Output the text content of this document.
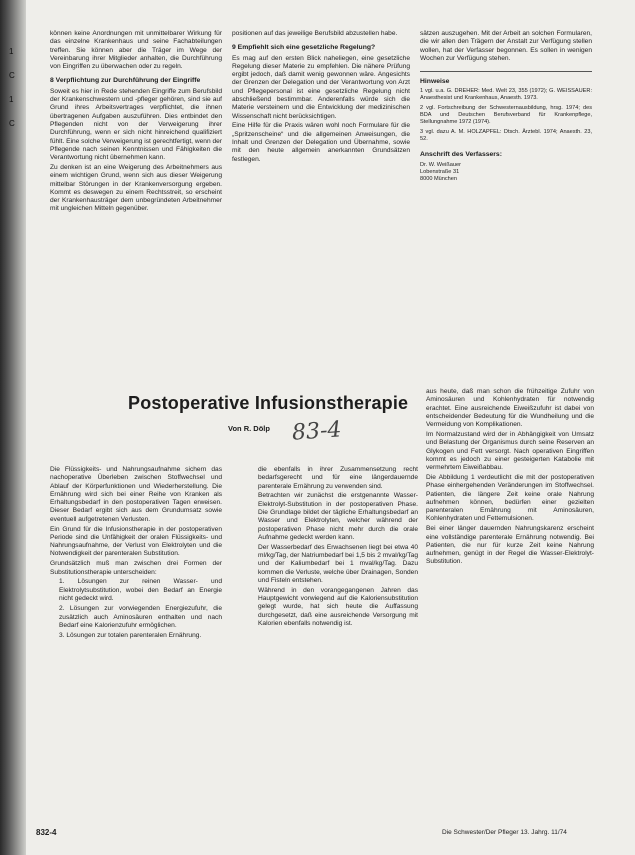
1
C
1
C

können keine Anordnungen mit unmittelbarer Wirkung für das einzelne Krankenhaus und seine Fachabteilungen treffen. Sie können aber die Träger im Wege der Vereinbarung ihrer Mitglieder anhalten, die Durchführung von Eingriffen zu überwachen oder zu regeln.

8 Verpflichtung zur Durchführung der Eingriffe

Soweit es hier in Rede stehenden Eingriffe zum Berufsbild der Krankenschwestern und -pfleger gehören, sind sie auf Grund ihres Arbeitsvertrages verpflichtet, die ihnen übertragenen Aufgaben auszuführen. Dies entbindet den Pflegenden nicht von der Verweigerung ihrer Durchführung, wenn er sich nicht hinreichend qualifiziert fühlt. Eine solche Verweigerung ist gerechtfertigt, wenn der Pflegende nach seinen Kenntnissen und Fähigkeiten die Verantwortung nicht übernehmen kann.

Zu denken ist an eine Weigerung des Arbeitnehmers aus einem wichtigen Grund, wenn sich aus dieser Weigerung mittelbar Störungen in der Krankenversorgung ergeben. Kommt es deswegen zu einem Rechtsstreit, so erscheint der Krankenhausträger dem unbegründeten Arbeitnehmer mit ungleichen Mitteln gegenüber.

positionen auf das jeweilige Berufsbild abzustellen habe.

9 Empfiehlt sich eine gesetzliche Regelung?

Es mag auf den ersten Blick naheliegen, eine gesetzliche Regelung dieser Materie zu empfehlen. Die nähere Prüfung ergibt jedoch, daß damit wenig gewonnen wäre. Angesichts der Grenzen der Delegation und der Verantwortung von Arzt und Pflegepersonal ist eine gesetzliche Regelung nicht abschließend bestimmbar. Anderenfalls würde sich die Materie versteinern und die Entwicklung der medizinischen Wissenschaft nicht berücksichtigen.

Eine Hilfe für die Praxis wären wohl noch Formulare für die „Spritzenscheine“ und die allgemeinen Anweisungen, die Inhalt und Grenzen der Delegation und Übernahme, sowie mit den heute allgemein anerkannten Grundsätzen festlegen.

sätzen auszugehen. Mit der Arbeit an solchen Formularen, die wir allen den Trägern der Anstalt zur Verfügung stellen wollen, hat der Verfasser begonnen. Es sollen in wenigen Wochen zur Verfügung stehen.

Hinweise
1 vgl. u.a. G. DREHER: Med. Welt 23, 355 (1972); G. WEISSAUER: Anaesthesist und Krankenhaus, Anaesth. 1973.
2 vgl. Fortschreibung der Schwesternausbildung, hrsg. 1974; des BDA und Deutschen Berufsverband für Krankenpflege, Stellungnahme 1972 (1974).
3 vgl. dazu A. M. HOLZAPFEL: Dtsch. Ärztebl. 1974; Anaesth. 23, 52.
Anschrift des Verfassers:
Dr. W. Weißauer
Lobenstraße 31
8000 München
Postoperative Infusionstherapie
Von R. Dölp 83-4

Die Flüssigkeits- und Nahrungsaufnahme sichern das nachoperative Überleben zwischen Stoffwechsel und Ablauf der Körperfunktionen und Wiederherstellung. Die Ernährung wird sich bei einer Reihe von Kranken als Erhaltungsbedarf in den postoperativen Tagen erweisen. Dieser Bedarf ergibt sich aus dem Grundumsatz sowie eventuell aufgetretenen Verlusten.

Ein Grund für die Infusionstherapie in der postoperativen Periode sind die Unfähigkeit der oralen Flüssigkeits- und Nahrungsaufnahme, der Verlust von Elektrolyten und die Notwendigkeit der parenteralen Substitution.

Grundsätzlich muß man zwischen drei Formen der Substitutionstherapie unterscheiden:

1. Lösungen zur reinen Wasser- und Elektrolytsubstitution, wobei den Bedarf an Energie nicht gedeckt wird.
2. Lösungen zur vorwiegenden Energiezufuhr, die zusätzlich auch Aminosäuren enthalten und nach Bedarf eine Kalorienzufuhr ermöglichen.
3. Lösungen zur totalen parenteralen Ernährung.

die ebenfalls in ihrer Zusammensetzung recht bedarfsgerecht und für eine längerdauernde parenterale Ernährung zu verwenden sind.

Betrachten wir zunächst die erstgenannte Wasser-Elektrolyt-Substitution in der postoperativen Phase. Die Grundlage bildet der tägliche Erhaltungsbedarf an Wasser und Elektrolyten, welcher während der postoperativen Phase nicht mehr durch die orale Aufnahme gedeckt werden kann.

Der Wasserbedarf des Erwachsenen liegt bei etwa 40 ml/kg/Tag, der Natriumbedarf bei 1,5 bis 2 mval/kg/Tag und der Kaliumbedarf bei 1 mval/kg/Tag. Dazu kommen die Verluste, welche über Drainagen, Sonden und Fisteln entstehen.

Während in den vorangegangenen Jahren das Hauptgewicht vorwiegend auf die Kaloriensubstitution gelegt wurde, hat sich heute die Auffassung durchgesetzt, daß eine ausreichende Versorgung mit Kalorien ebenfalls notwendig ist.

aus heute, daß man schon die frühzeitige Zufuhr von Aminosäuren und Kohlenhydraten für notwendig erachtet. Eine ausreichende Eiweißzufuhr ist dabei von entscheidender Bedeutung für die Wundheilung und die Vermeidung von Komplikationen.

Im Normalzustand wird der in Abhängigkeit von Umsatz und Belastung der Organismus durch seine Reserven an Glykogen und Fett versorgt. Nach operativen Eingriffen kommt es jedoch zu einer gesteigerten Katabolie mit vermehrtem Eiweißabbau.

Die Abbildung 1 verdeutlicht die mit der postoperativen Phase einhergehenden Veränderungen im Stoffwechsel. Patienten, die längere Zeit keine orale Nahrung aufnehmen können, bedürfen einer gezielten parenteralen Ernährung mit Aminosäuren, Kohlenhydraten und Fettemulsionen.

Bei einer länger dauernden Nahrungskarenz erscheint eine vollständige parenterale Ernährung notwendig. Bei Patienten, die nur für kurze Zeit keine Nahrung aufnehmen, genügt in der Regel die Wasser-Elektrolyt-Substitution.

832-4	Die Schwester/Der Pfleger 13. Jahrg. 11/74
